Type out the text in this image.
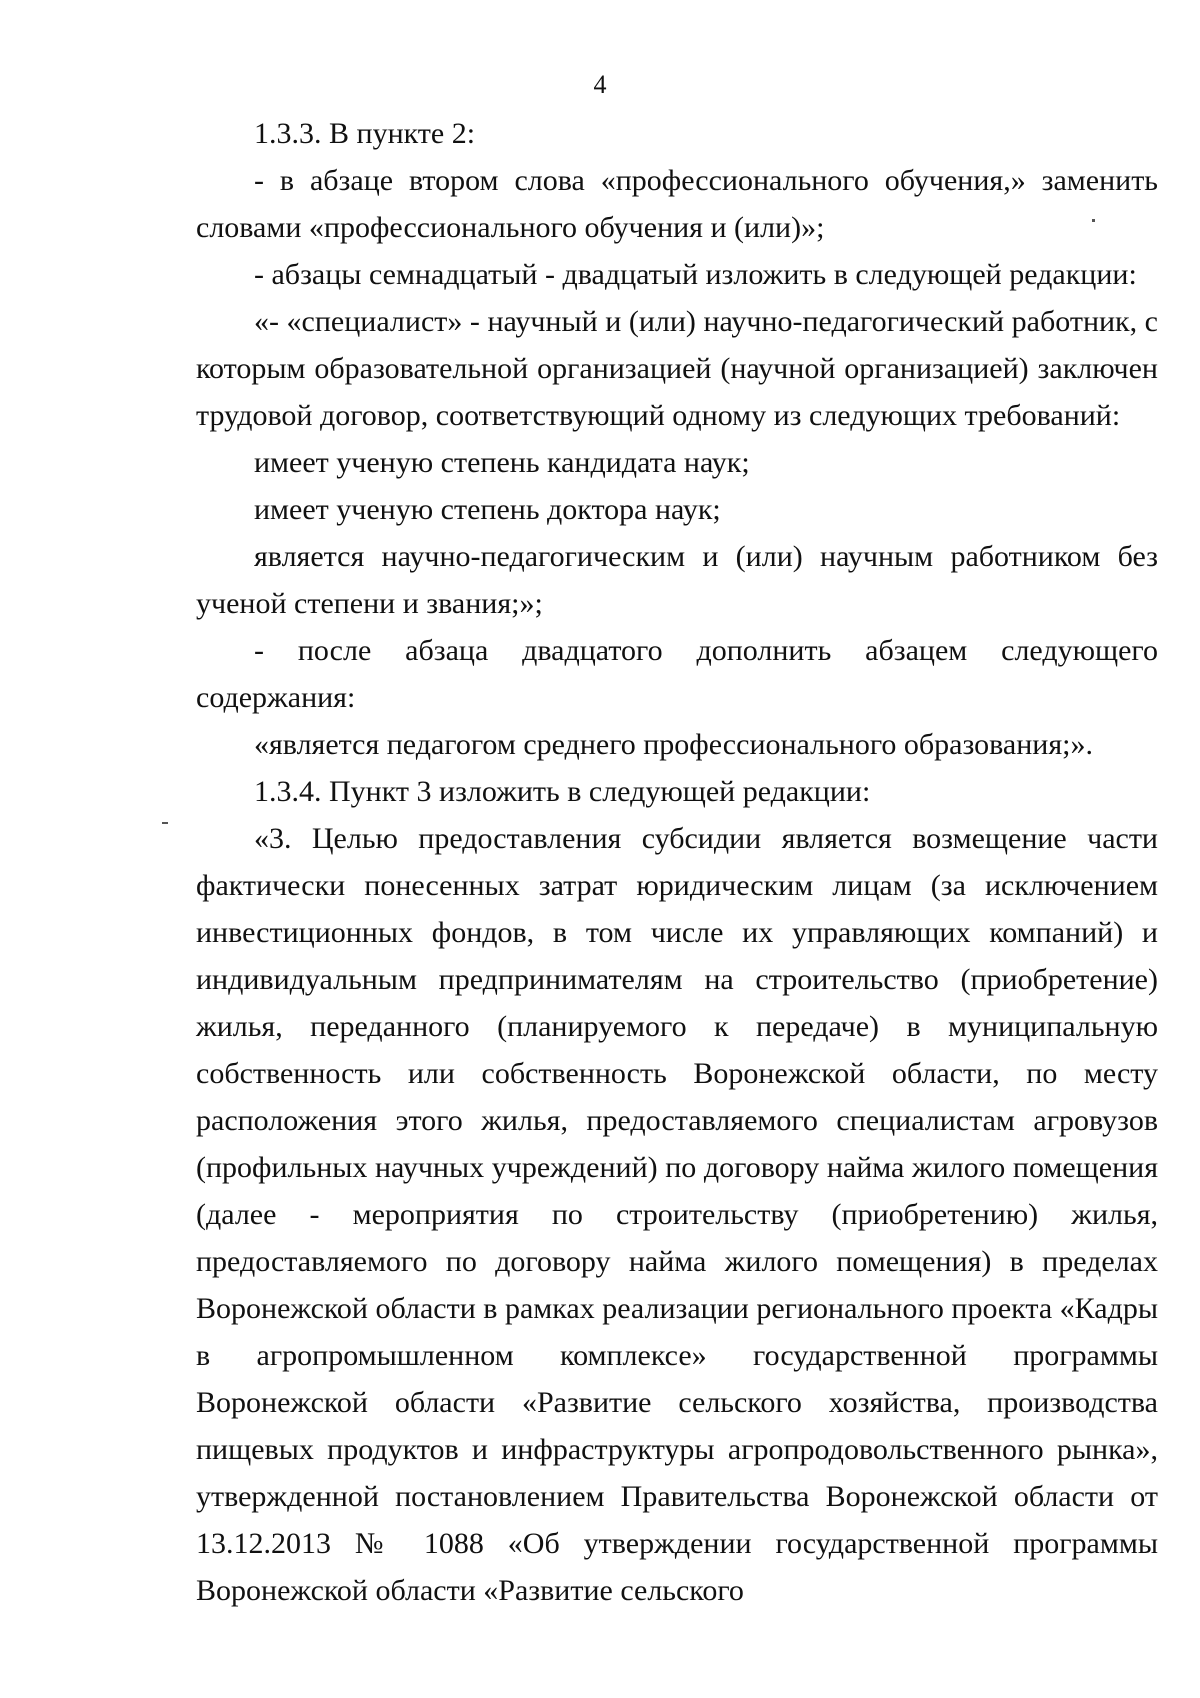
4

1.3.3. В пункте 2:

- в абзаце втором слова «профессионального обучения,» заменить словами «профессионального обучения и (или)»;

- абзацы семнадцатый - двадцатый изложить в следующей редакции:

«- «специалист» - научный и (или) научно-педагогический работник, с которым образовательной организацией (научной организацией) заключен трудовой договор, соответствующий одному из следующих требований:

имеет ученую степень кандидата наук;

имеет ученую степень доктора наук;

является научно-педагогическим и (или) научным работником без ученой степени и звания;»;

- после абзаца двадцатого дополнить абзацем следующего содержания:

«является педагогом среднего профессионального образования;».

1.3.4. Пункт 3 изложить в следующей редакции:

«3. Целью предоставления субсидии является возмещение части фактически понесенных затрат юридическим лицам (за исключением инвестиционных фондов, в том числе их управляющих компаний) и индивидуальным предпринимателям на строительство (приобретение) жилья, переданного (планируемого к передаче) в муниципальную собственность или собственность Воронежской области, по месту расположения этого жилья, предоставляемого специалистам агровузов (профильных научных учреждений) по договору найма жилого помещения (далее - мероприятия по строительству (приобретению) жилья, предоставляемого по договору найма жилого помещения) в пределах Воронежской области в рамках реализации регионального проекта «Кадры в агропромышленном комплексе» государственной программы Воронежской области «Развитие сельского хозяйства, производства пищевых продуктов и инфраструктуры агропродовольственного рынка», утвержденной постановлением Правительства Воронежской области от 13.12.2013 № 1088 «Об утверждении государственной программы Воронежской области «Развитие сельского
